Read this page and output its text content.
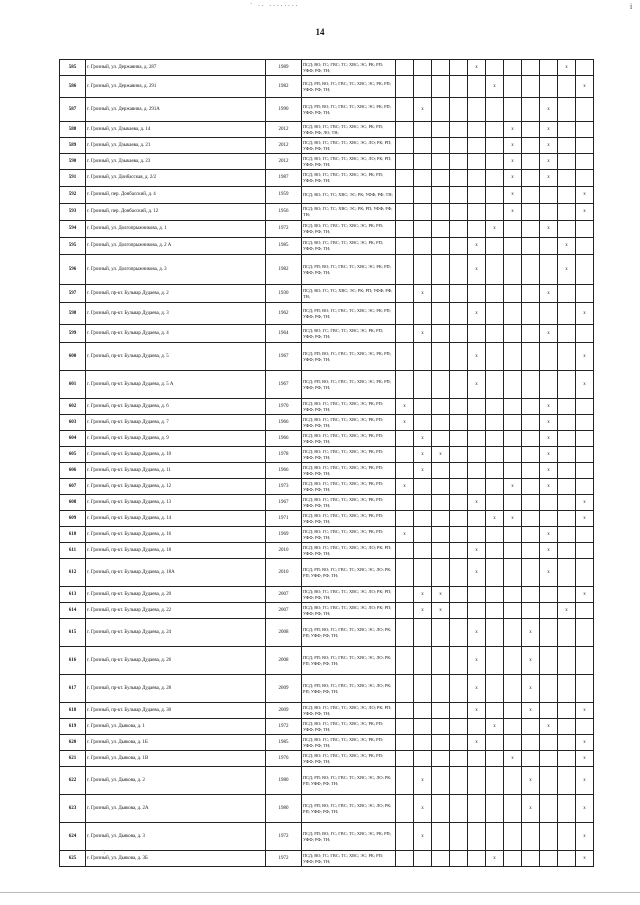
· .. ........	i
14
585	г. Грозный, ул. Державина, д. 287	1989	ПСД; ВО; ГС; ГВС; ТС; ХВС; ЭС; РК; РП; УФФ; РФ; ТН;					х					х	
586	г. Грозный, ул. Державина, д. 291	1982	ПСД; РП; ВО; ГС; ГВС; ТС; ХВС; ЭС; РК; РП; УФФ; РФ; ТН;						х					х
587	г. Грозный, ул. Державина, д. 291А	1990	ПСД; РП; ВО; ГС; ГВС; ТС; ХВС; ЭС; РК; РП; УФФ; РФ; ТН;		х							х		
588	г. Грозный, ул. Дзыкаева, д. 14	2012	ПСД; ВО; ГС; ГВС; ТС; ХВС; ЭС; РК; РП; УФФ; РФ; ЛО; ТН;							х		х		
589	г. Грозный, ул. Дзыкаева, д. 21	2012	ПСД; ВО; ГС; ГВС; ТС; ХВС; ЭС; ЛО; РК; РП; УФФ; РФ; ТН;							х		х		
590	г. Грозный, ул. Дзыкаева, д. 23	2012	ПСД; ВО; ГС; ГВС; ТС; ХВС; ЭС; ЛО; РК; РП; УФФ; РФ; ТН;							х		х		
591	г. Грозный, ул. Донбасская, д. 2/2	1987	ПСД; ВО; ГС; ГВС; ТС; ХВС; ЭС; РК; РП; УФФ; РФ; ТН;							х		х		
592	г. Грозный, пер. Донбасский, д. 4	1959	ПСД; ВО; ГС; ТС; ХВС; ЭС; РК; УФФ; РФ; ТН;							х				х
593	г. Грозный, пер. Донбасский, д. 12	1956	ПСД; ВО; ГС; ТС; ХВС; ЭС; РК; РП; УФФ; РФ; ТН;							х				х
594	г. Грозный, ул. Долгопрыжникова, д. 1	1972	ПСД; ВО; ГС; ГВС; ТС; ХВС; ЭС; РК; РП; УФФ; РФ; ТН;						х			х		
595	г. Грозный, ул. Долгопрыжникова, д. 2 А	1985	ПСД; ВО; ГС; ГВС; ТС; ХВС; ЭС; РК; РП; УФФ; РФ; ТН;					х					х	
596	г. Грозный, ул. Долгопрыжникова, д. 3	1982	ПСД; РП; ВО; ГС; ГВС; ТС; ХВС; ЭС; РК; РП; УФФ; РФ; ТН;					х					х	
597	г. Грозный, пр-кт. Бульвар Дудаева, д. 2	1930	ПСД; ВО; ГС; ТС; ХВС; ЭС; РК; РП; УФФ; РФ; ТН;		х							х		
598	г. Грозный, пр-кт. Бульвар Дудаева, д. 3	1962	ПСД; РП; ВО; ГС; ГВС; ТС; ХВС; ЭС; РК; РП; УФФ; РФ; ТН;					х						х
599	г. Грозный, пр-кт. Бульвар Дудаева, д. 4	1964	ПСД; ВО; ГС; ГВС; ТС; ХВС; ЭС; РК; РП; УФФ; РФ; ТН;		х							х		
600	г. Грозный, пр-кт. Бульвар Дудаева, д. 5	1967	ПСД; РП; ВО; ГС; ГВС; ТС; ХВС; ЭС; РК; РП; УФФ; РФ; ТН;					х						х
601	г. Грозный, пр-кт. Бульвар Дудаева, д. 5 А	1967	ПСД; РП; ВО; ГС; ГВС; ТС; ХВС; ЭС; РК; РП; УФФ; РФ; ТН;					х						х
602	г. Грозный, пр-кт. Бульвар Дудаева, д. 6	1970	ПСД; ВО; ГС; ГВС; ТС; ХВС; ЭС; РК; РП; УФФ; РФ; ТН;	х								х		
603	г. Грозный, пр-кт. Бульвар Дудаева, д. 7	1966	ПСД; ВО; ГС; ГВС; ТС; ХВС; ЭС; РК; РП; УФФ; РФ; ТН;	х								х		
604	г. Грозный, пр-кт. Бульвар Дудаева, д. 9	1966	ПСД; ВО; ГС; ГВС; ТС; ХВС; ЭС; РК; РП; УФФ; РФ; ТН;		х							х		
605	г. Грозный, пр-кт. Бульвар Дудаева, д. 10	1978	ПСД; ВО; ГС; ГВС; ТС; ХВС; ЭС; РК; РП; УФФ; РФ; ТН;		х	х						х		
606	г. Грозный, пр-кт. Бульвар Дудаева, д. 11	1966	ПСД; ВО; ГС; ГВС; ТС; ХВС; ЭС; РК; РП; УФФ; РФ; ТН;		х							х		
607	г. Грозный, пр-кт. Бульвар Дудаева, д. 12	1973	ПСД; ВО; ГС; ГВС; ТС; ХВС; ЭС; РК; РП; УФФ; РФ; ТН;	х						х		х		
608	г. Грозный, пр-кт. Бульвар Дудаева, д. 13	1967	ПСД; ВО; ГС; ГВС; ТС; ХВС; ЭС; РК; РП; УФФ; РФ; ТН;					х						х
609	г. Грозный, пр-кт. Бульвар Дудаева, д. 14	1971	ПСД; ВО; ГС; ГВС; ТС; ХВС; ЭС; РК; РП; УФФ; РФ; ТН;						х	х				х
610	г. Грозный, пр-кт. Бульвар Дудаева, д. 16	1969	ПСД; ВО; ГС; ГВС; ТС; ХВС; ЭС; РК; РП; УФФ; РФ; ТН;	х								х		
611	г. Грозный, пр-кт. Бульвар Дудаева, д. 18	2010	ПСД; ВО; ГС; ГВС; ТС; ХВС; ЭС; ЛО; РК; РП; УФФ; РФ; ТН;					х				х		
612	г. Грозный, пр-кт. Бульвар Дудаева, д. 18А	2010	ПСД; РП; ВО; ГС; ГВС; ТС; ХВС; ЭС; ЛО; РК; РП; УФФ; РФ; ТН;					х				х		
613	г. Грозный, пр-кт. Бульвар Дудаева, д. 20	2007	ПСД; ВО; ГС; ГВС; ТС; ХВС; ЭС; ЛО; РК; РП; УФФ; РФ; ТН;		х	х								х
614	г. Грозный, пр-кт. Бульвар Дудаева, д. 22	2007	ПСД; ВО; ГС; ГВС; ТС; ХВС; ЭС; ЛО; РК; РП; УФФ; РФ; ТН;		х	х							х	
615	г. Грозный, пр-кт. Бульвар Дудаева, д. 24	2008	ПСД; РП; ВО; ГС; ГВС; ТС; ХВС; ЭС; ЛО; РК; РП; УФФ; РФ; ТН;					х			х			
616	г. Грозный, пр-кт. Бульвар Дудаева, д. 26	2008	ПСД; РП; ВО; ГС; ГВС; ТС; ХВС; ЭС; ЛО; РК; РП; УФФ; РФ; ТН;					х			х			
617	г. Грозный, пр-кт. Бульвар Дудаева, д. 28	2009	ПСД; РП; ВО; ГС; ГВС; ТС; ХВС; ЭС; ЛО; РК; РП; УФФ; РФ; ТН;					х			х			
618	г. Грозный, пр-кт. Бульвар Дудаева, д. 30	2009	ПСД; ВО; ГС; ГВС; ТС; ХВС; ЭС; ЛО; РК; РП; УФФ; РФ; ТН;					х			х			х
619	г. Грозный, ул. Дьякова, д. 1	1972	ПСД; ВО; ГС; ГВС; ТС; ХВС; ЭС; РК; РП; УФФ; РФ; ТН;						х			х		
620	г. Грозный, ул. Дьякова, д. 1Б	1985	ПСД; ВО; ГС; ГВС; ТС; ХВС; ЭС; РК; РП; УФФ; РФ; ТН;					х						х
621	г. Грозный, ул. Дьякова, д. 1В	1976	ПСД; ВО; ГС; ГВС; ТС; ХВС; ЭС; РК; РП; УФФ; РФ; ТН;							х				х
622	г. Грозный, ул. Дьякова, д. 2	1980	ПСД; РП; ВО; ГС; ГВС; ТС; ХВС; ЭС; ЛО; РК; РП; УФФ; РФ; ТН;		х						х			х
623	г. Грозный, ул. Дьякова, д. 2А	1980	ПСД; РП; ВО; ГС; ГВС; ТС; ХВС; ЭС; ЛО; РК; РП; УФФ; РФ; ТН;		х						х			х
624	г. Грозный, ул. Дьякова, д. 3	1972	ПСД; РП; ВО; ГС; ГВС; ТС; ХВС; ЭС; РК; РП; УФФ; РФ; ТН;		х									х
625	г. Грозный, ул. Дьякова, д. 3Б	1972	ПСД; ВО; ГС; ГВС; ТС; ХВС; ЭС; РК; РП; УФФ; РФ; ТН;						х					х
\
